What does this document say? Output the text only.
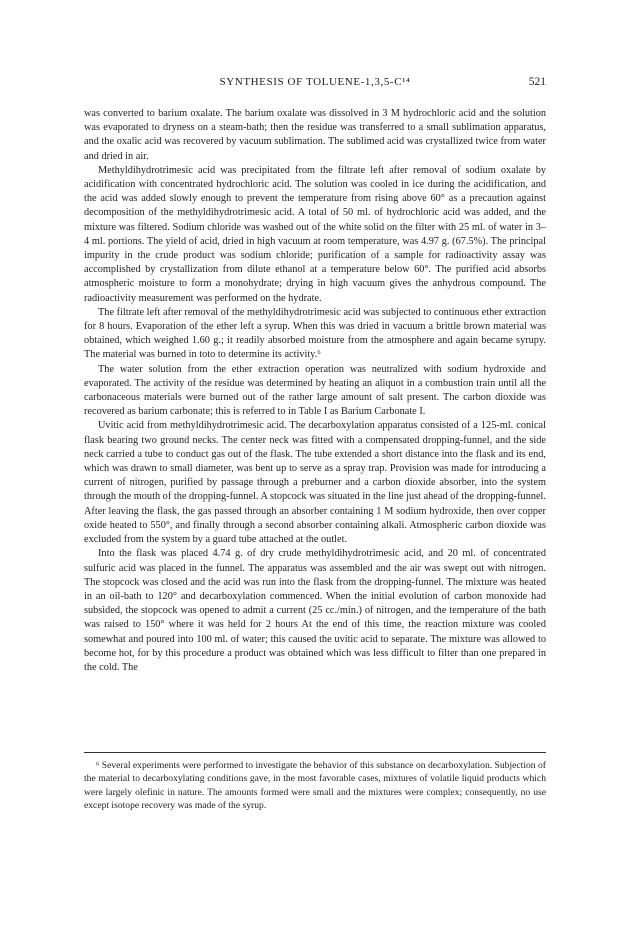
SYNTHESIS OF TOLUENE-1,3,5-C¹⁴	521

was converted to barium oxalate. The barium oxalate was dissolved in 3 M hydrochloric acid and the solution was evaporated to dryness on a steam-bath; then the residue was transferred to a small sublimation apparatus, and the oxalic acid was recovered by vacuum sublimation. The sublimed acid was crystallized twice from water and dried in air.

Methyldihydrotrimesic acid was precipitated from the filtrate left after removal of sodium oxalate by acidification with concentrated hydrochloric acid. The solution was cooled in ice during the acidification, and the acid was added slowly enough to prevent the temperature from rising above 60° as a precaution against decomposition of the methyldihydrotrimesic acid. A total of 50 ml. of hydrochloric acid was added, and the mixture was filtered. Sodium chloride was washed out of the white solid on the filter with 25 ml. of water in 3–4 ml. portions. The yield of acid, dried in high vacuum at room temperature, was 4.97 g. (67.5%). The principal impurity in the crude product was sodium chloride; purification of a sample for radioactivity assay was accomplished by crystallization from dilute ethanol at a temperature below 60°. The purified acid absorbs atmospheric moisture to form a monohydrate; drying in high vacuum gives the anhydrous compound. The radioactivity measurement was performed on the hydrate.

The filtrate left after removal of the methyldihydrotrimesic acid was subjected to continuous ether extraction for 8 hours. Evaporation of the ether left a syrup. When this was dried in vacuum a brittle brown material was obtained, which weighed 1.60 g.; it readily absorbed moisture from the atmosphere and again became syrupy. The material was burned in toto to determine its activity.⁶

The water solution from the ether extraction operation was neutralized with sodium hydroxide and evaporated. The activity of the residue was determined by heating an aliquot in a combustion train until all the carbonaceous materials were burned out of the rather large amount of salt present. The carbon dioxide was recovered as barium carbonate; this is referred to in Table I as Barium Carbonate I.

Uvitic acid from methyldihydrotrimesic acid. The decarboxylation apparatus consisted of a 125-ml. conical flask bearing two ground necks. The center neck was fitted with a compensated dropping-funnel, and the side neck carried a tube to conduct gas out of the flask. The tube extended a short distance into the flask and its end, which was drawn to small diameter, was bent up to serve as a spray trap. Provision was made for introducing a current of nitrogen, purified by passage through a preburner and a carbon dioxide absorber, into the system through the mouth of the dropping-funnel. A stopcock was situated in the line just ahead of the dropping-funnel. After leaving the flask, the gas passed through an absorber containing 1 M sodium hydroxide, then over copper oxide heated to 550°, and finally through a second absorber containing alkali. Atmospheric carbon dioxide was excluded from the system by a guard tube attached at the outlet.

Into the flask was placed 4.74 g. of dry crude methyldihydrotrimesic acid, and 20 ml. of concentrated sulfuric acid was placed in the funnel. The apparatus was assembled and the air was swept out with nitrogen. The stopcock was closed and the acid was run into the flask from the dropping-funnel. The mixture was heated in an oil-bath to 120° and decarboxylation commenced. When the initial evolution of carbon monoxide had subsided, the stopcock was opened to admit a current (25 cc./min.) of nitrogen, and the temperature of the bath was raised to 150° where it was held for 2 hours At the end of this time, the reaction mixture was cooled somewhat and poured into 100 ml. of water; this caused the uvitic acid to separate. The mixture was allowed to become hot, for by this procedure a product was obtained which was less difficult to filter than one prepared in the cold. The

⁶ Several experiments were performed to investigate the behavior of this substance on decarboxylation. Subjection of the material to decarboxylating conditions gave, in the most favorable cases, mixtures of volatile liquid products which were largely olefinic in nature. The amounts formed were small and the mixtures were complex; consequently, no use except isotope recovery was made of the syrup.
